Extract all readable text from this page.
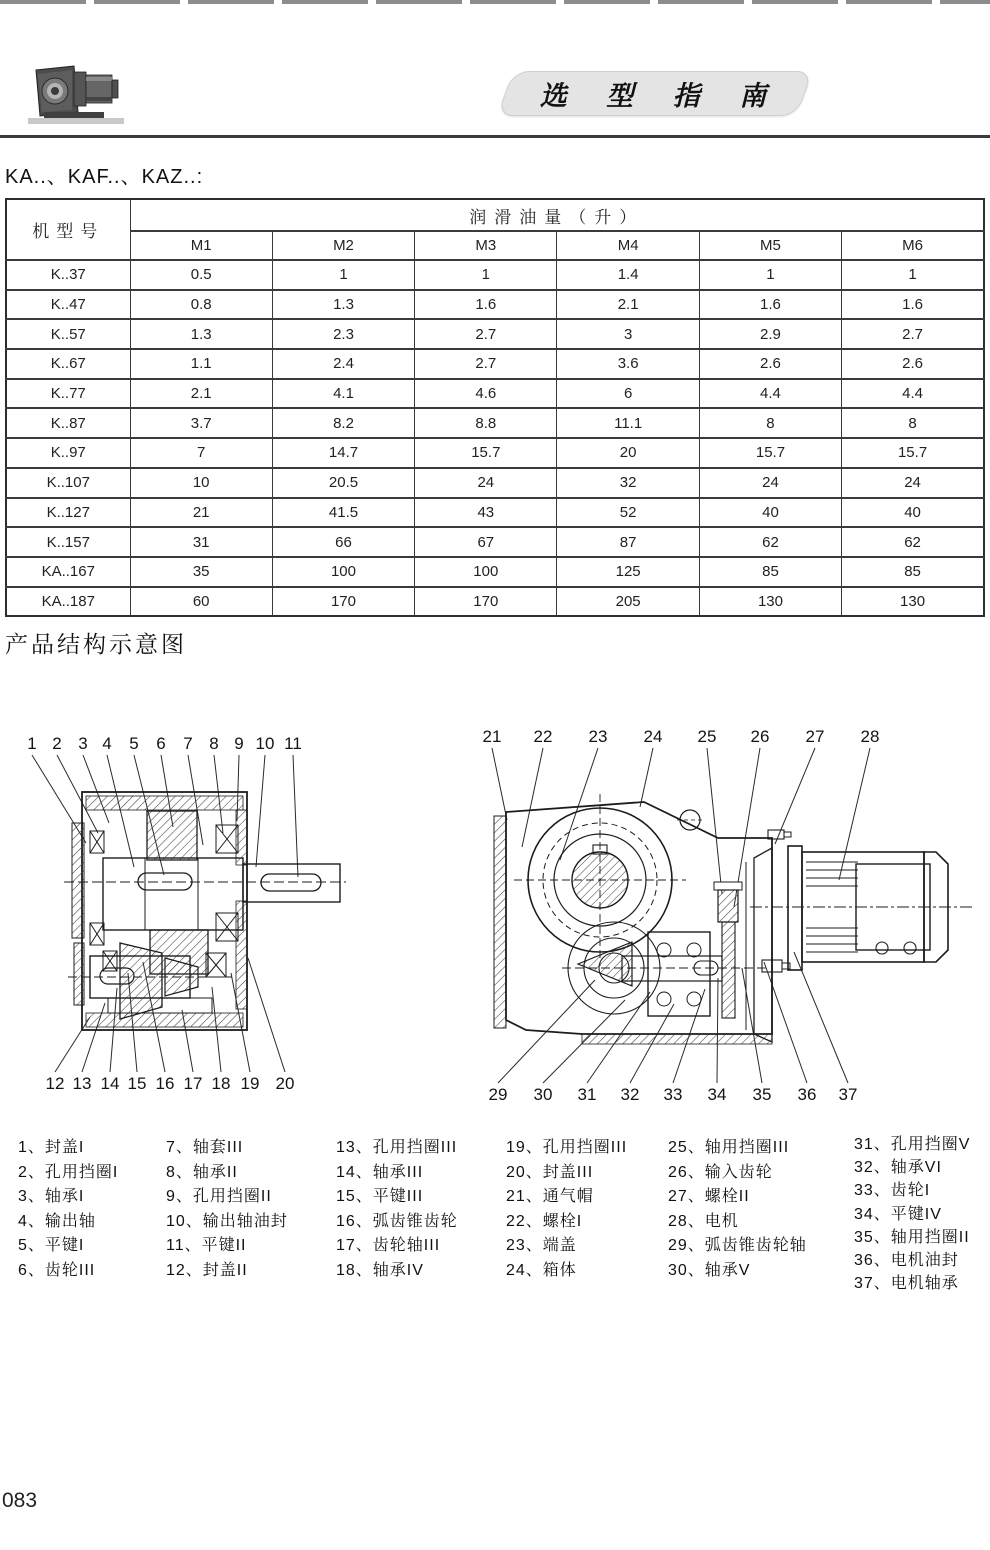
选 型 指 南
KA..、KAF..、KAZ..:
机型号	润滑油量（升）					
	M1	M2	M3	M4	M5	M6
K..37	0.5	1	1	1.4	1	1
K..47	0.8	1.3	1.6	2.1	1.6	1.6
K..57	1.3	2.3	2.7	3	2.9	2.7
K..67	1.1	2.4	2.7	3.6	2.6	2.6
K..77	2.1	4.1	4.6	6	4.4	4.4
K..87	3.7	8.2	8.8	11.1	8	8
K..97	7	14.7	15.7	20	15.7	15.7
K..107	10	20.5	24	32	24	24
K..127	21	41.5	43	52	40	40
K..157	31	66	67	87	62	62
KA..167	35	100	100	125	85	85
KA..187	60	170	170	205	130	130
产品结构示意图
1 2 3 4 5 6 7 8 9 10 11
12 13 14 15 16 17 18 19 20
21 22 23 24 25 26 27 28
29 30 31 32 33 34 35 36 37
1、封盖I
2、孔用挡圈I
3、轴承I
4、输出轴
5、平键I
6、齿轮III
7、轴套III
8、轴承II
9、孔用挡圈II
10、输出轴油封
11、平键II
12、封盖II
13、孔用挡圈III
14、轴承III
15、平键III
16、弧齿锥齿轮
17、齿轮轴III
18、轴承IV
19、孔用挡圈III
20、封盖III
21、通气帽
22、螺栓I
23、端盖
24、箱体
25、轴用挡圈III
26、输入齿轮
27、螺栓II
28、电机
29、弧齿锥齿轮轴
30、轴承V
31、孔用挡圈V
32、轴承VI
33、齿轮I
34、平键IV
35、轴用挡圈II
36、电机油封
37、电机轴承
083
